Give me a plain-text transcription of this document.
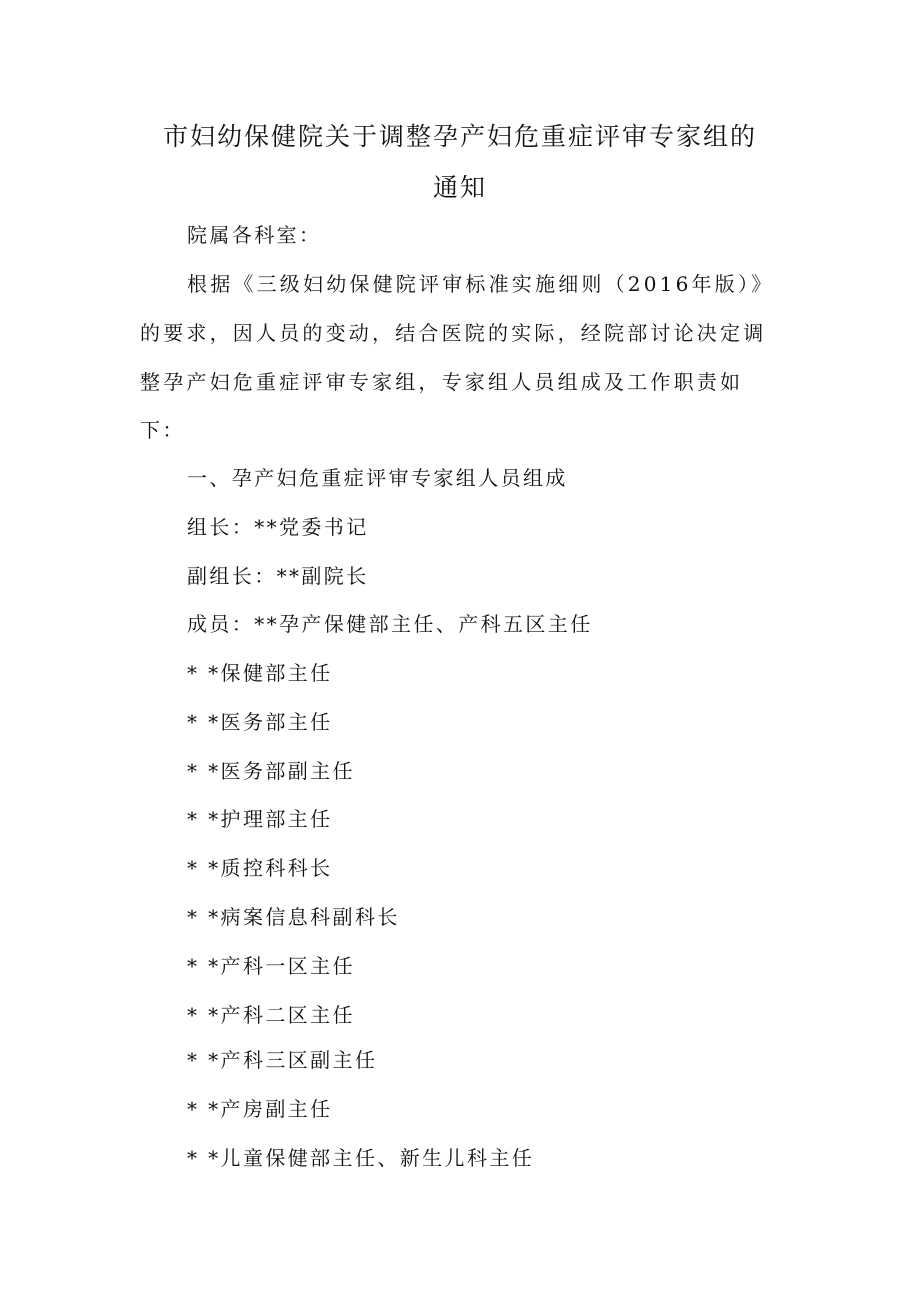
市妇幼保健院关于调整孕产妇危重症评审专家组的
通知
院属各科室：
根据《三级妇幼保健院评审标准实施细则（2016年版）》
的要求，因人员的变动，结合医院的实际，经院部讨论决定调
整孕产妇危重症评审专家组，专家组人员组成及工作职责如
下：
一、孕产妇危重症评审专家组人员组成
组长：**党委书记
副组长：**副院长
成员：**孕产保健部主任、产科五区主任
* *保健部主任
* *医务部主任
* *医务部副主任
* *护理部主任
* *质控科科长
* *病案信息科副科长
* *产科一区主任
* *产科二区主任
* *产科三区副主任
* *产房副主任
* *儿童保健部主任、新生儿科主任
